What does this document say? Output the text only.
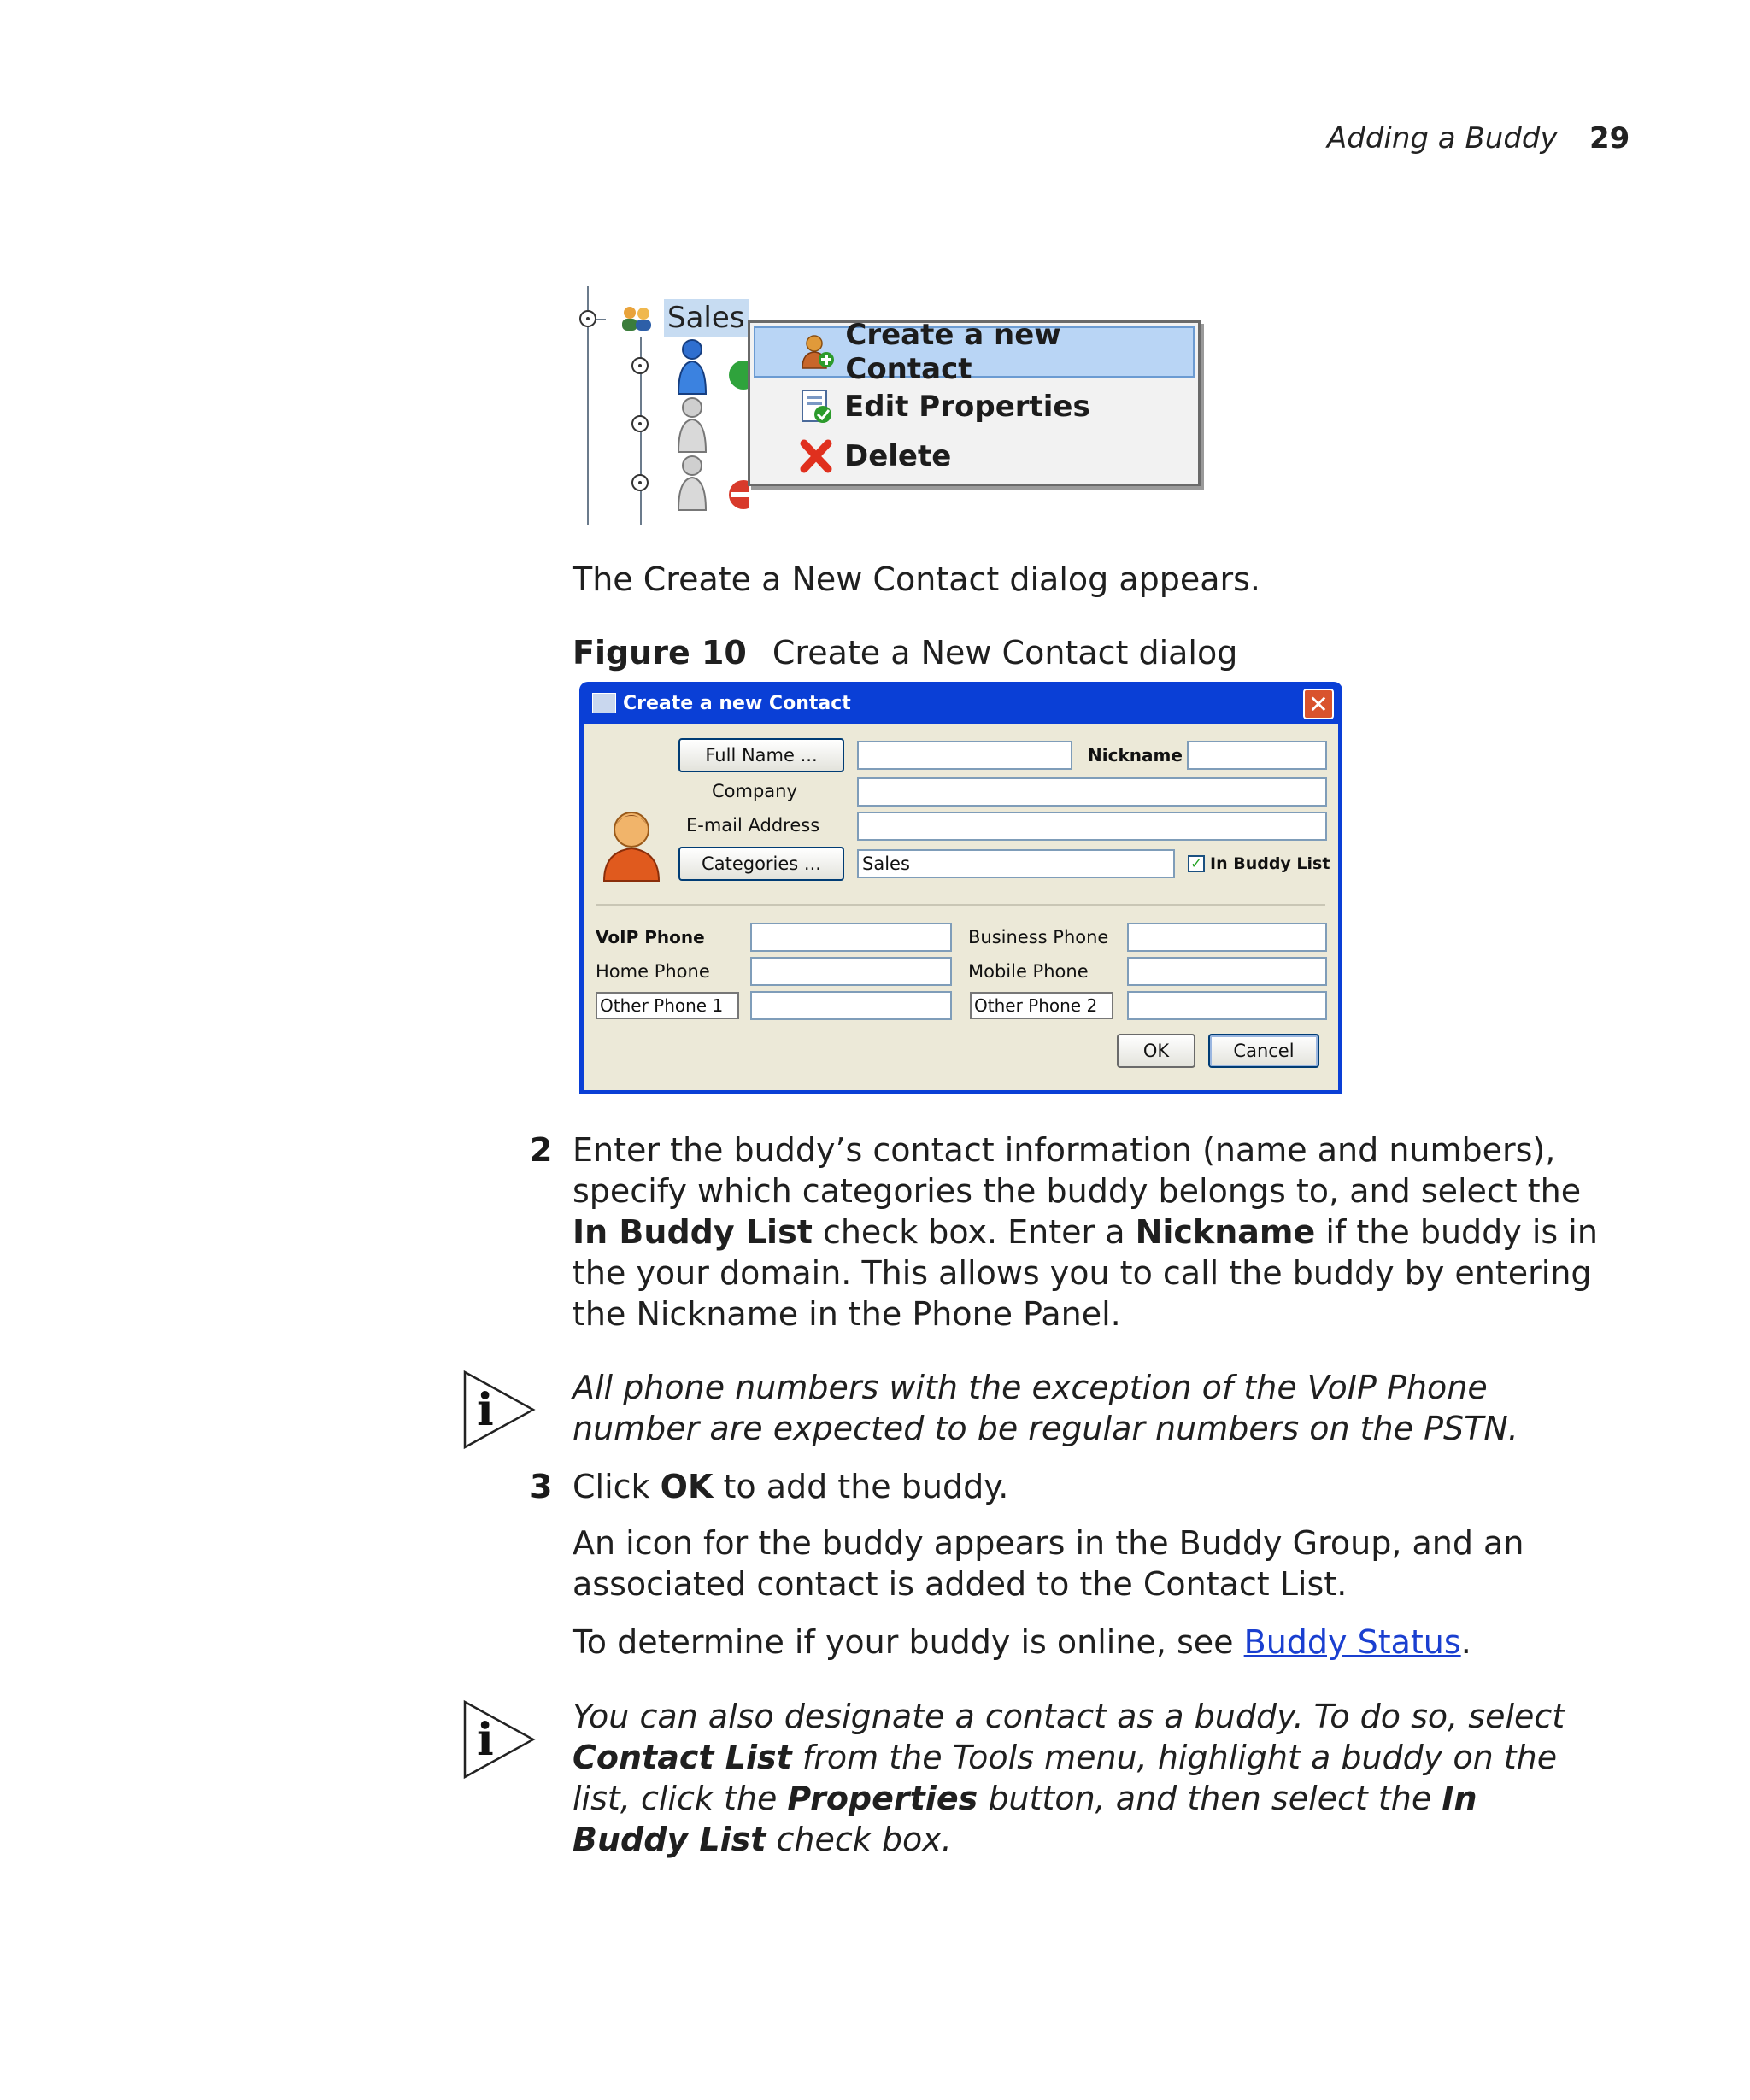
Adding a Buddy 29
Sales	Create a new Contact
Edit Properties
Delete
The Create a New Contact dialog appears.
Figure 10 Create a New Contact dialog
Create a new Contact	✕
Full Name ...	Nickname
Company
E-mail Address
Categories ...	Sales	✓ In Buddy List
VoIP Phone	Business Phone
Home Phone	Mobile Phone
Other Phone 1	Other Phone 2
OK	Cancel
2 Enter the buddy’s contact information (name and numbers), specify which categories the buddy belongs to, and select the In Buddy List check box. Enter a Nickname if the buddy is in the your domain. This allows you to call the buddy by entering the Nickname in the Phone Panel.
i All phone numbers with the exception of the VoIP Phone number are expected to be regular numbers on the PSTN.
3 Click OK to add the buddy.
An icon for the buddy appears in the Buddy Group, and an associated contact is added to the Contact List.
To determine if your buddy is online, see Buddy Status.
i You can also designate a contact as a buddy. To do so, select Contact List from the Tools menu, highlight a buddy on the list, click the Properties button, and then select the In Buddy List check box.
